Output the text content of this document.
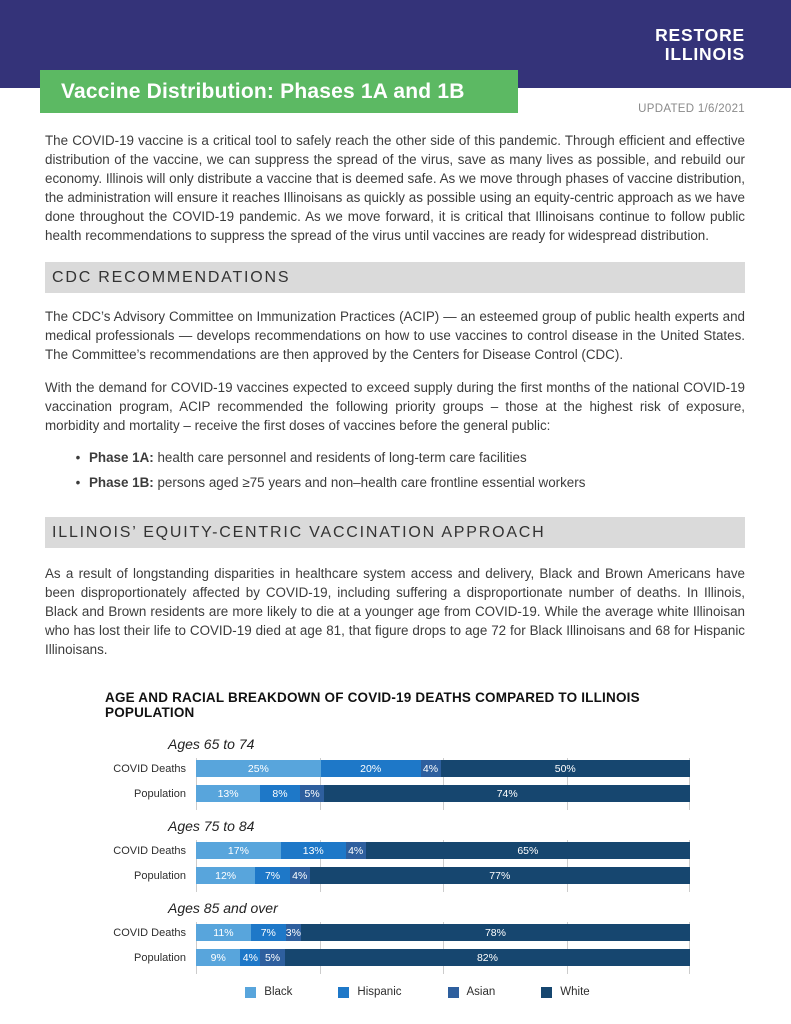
RESTORE
ILLINOIS
Vaccine Distribution: Phases 1A and 1B
UPDATED 1/6/2021

The COVID-19 vaccine is a critical tool to safely reach the other side of this pandemic. Through efficient and effective distribution of the vaccine, we can suppress the spread of the virus, save as many lives as possible, and rebuild our economy. Illinois will only distribute a vaccine that is deemed safe. As we move through phases of vaccine distribution, the administration will ensure it reaches Illinoisans as quickly as possible using an equity-centric approach as we have done throughout the COVID-19 pandemic. As we move forward, it is critical that Illinoisans continue to follow public health recommendations to suppress the spread of the virus until vaccines are ready for widespread distribution.

CDC RECOMMENDATIONS

The CDC’s Advisory Committee on Immunization Practices (ACIP) — an esteemed group of public health experts and medical professionals — develops recommendations on how to use vaccines to control disease in the United States. The Committee’s recommendations are then approved by the Centers for Disease Control (CDC).

With the demand for COVID-19 vaccines expected to exceed supply during the first months of the national COVID-19 vaccination program, ACIP recommended the following priority groups – those at the highest risk of exposure, morbidity and mortality – receive the first doses of vaccines before the general public:

• Phase 1A: health care personnel and residents of long-term care facilities
• Phase 1B: persons aged ≥75 years and non–health care frontline essential workers
ILLINOIS’ EQUITY-CENTRIC VACCINATION APPROACH

As a result of longstanding disparities in healthcare system access and delivery, Black and Brown Americans have been disproportionately affected by COVID-19, including suffering a disproportionate number of deaths. In Illinois, Black and Brown residents are more likely to die at a younger age from COVID-19. While the average white Illinoisan who has lost their life to COVID-19 died at age 81, that figure drops to age 72 for Black Illinoisans and 68 for Hispanic Illinoisans.

AGE AND RACIAL BREAKDOWN OF COVID-19 DEATHS COMPARED TO ILLINOIS POPULATION
Ages 65 to 74
COVID Deaths	25%	20%	4%	50%
Population	13%	8%	5%	74%
Ages 75 to 84
COVID Deaths	17%	13%	4%	65%
Population	12%	7%	4%	77%
Ages 85 and over
COVID Deaths	11%	7% 3%	78%
Population	9%	4% 5%	82%
Black	Hispanic	Asian	White
